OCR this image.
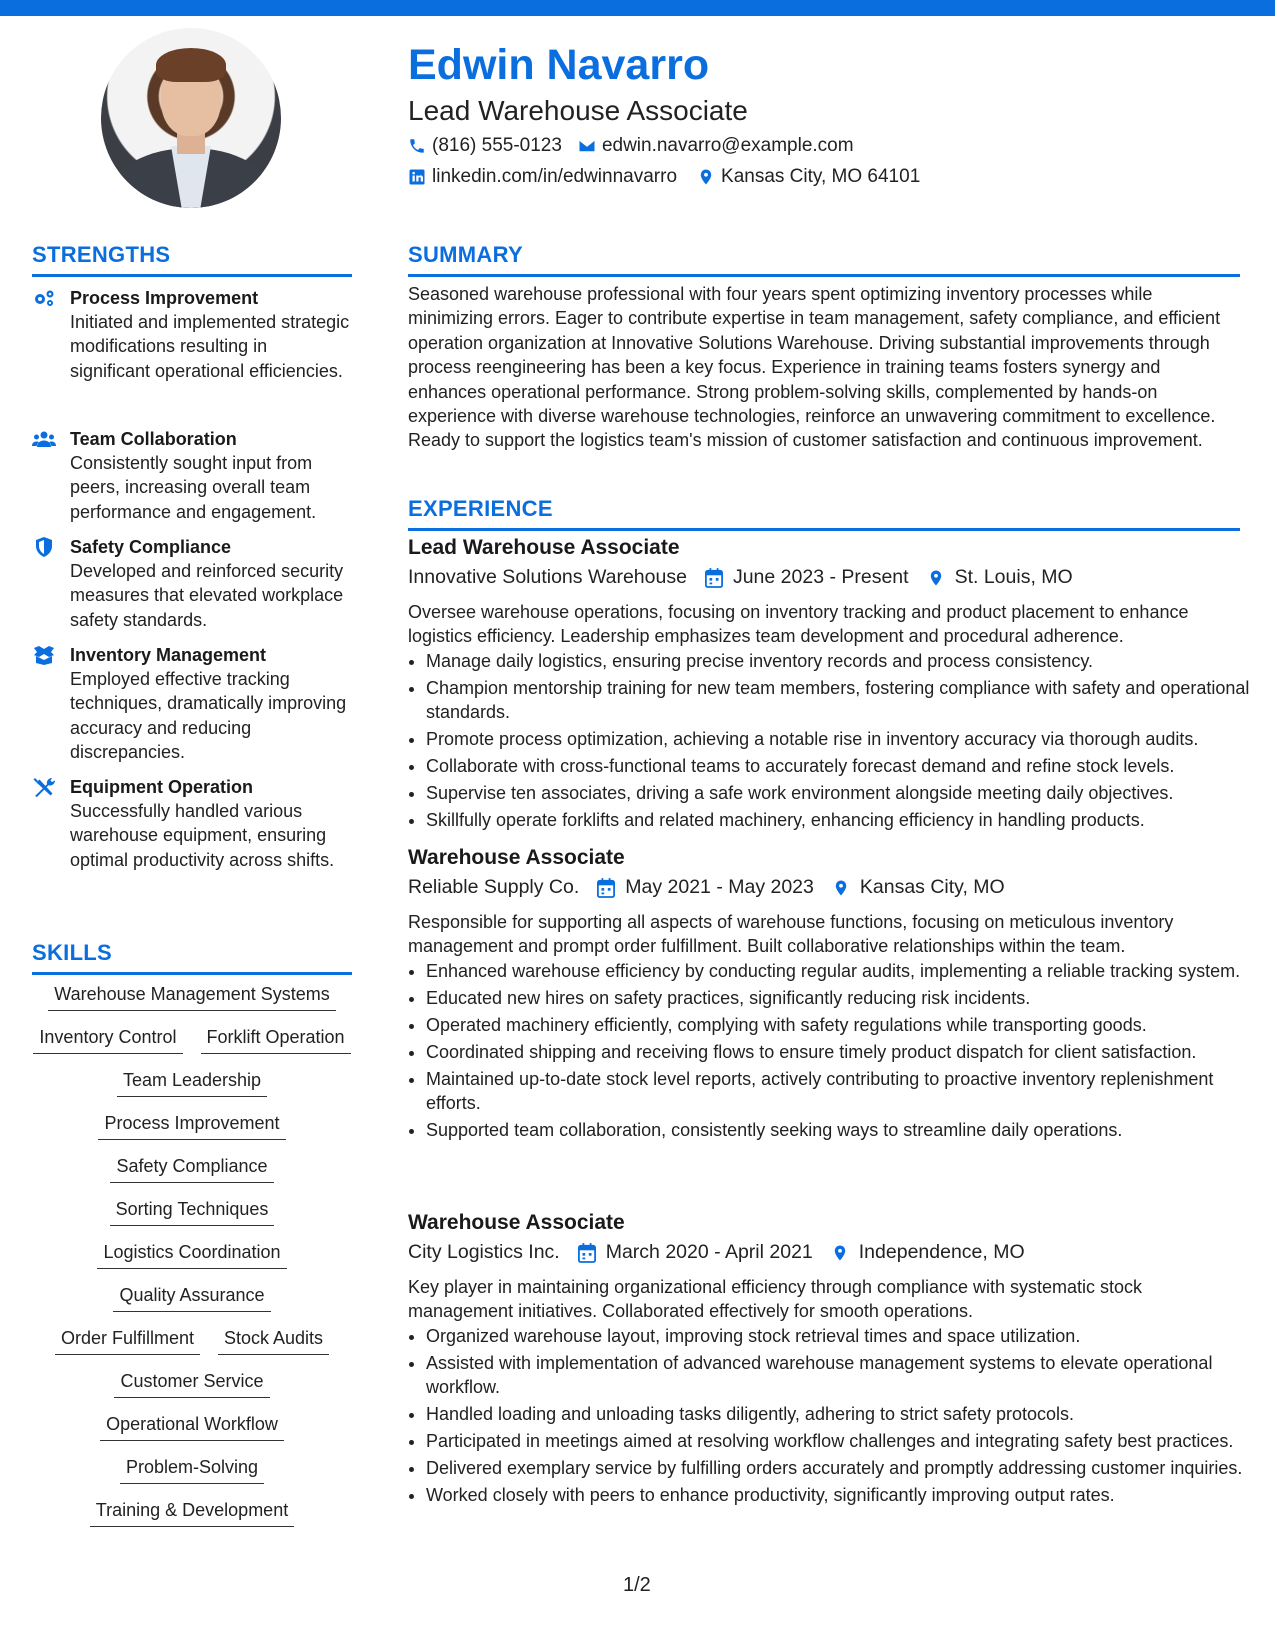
Edwin Navarro
Lead Warehouse Associate
(816) 555-0123 edwin.navarro@example.com
linkedin.com/in/edwinnavarro Kansas City, MO 64101
STRENGTHS
Process Improvement
Initiated and implemented strategic modifications resulting in significant operational efficiencies.
Team Collaboration
Consistently sought input from peers, increasing overall team performance and engagement.
Safety Compliance
Developed and reinforced security measures that elevated workplace safety standards.
Inventory Management
Employed effective tracking techniques, dramatically improving accuracy and reducing discrepancies.
Equipment Operation
Successfully handled various warehouse equipment, ensuring optimal productivity across shifts.
SKILLS
Warehouse Management Systems
Inventory Control	Forklift Operation
Team Leadership
Process Improvement
Safety Compliance
Sorting Techniques
Logistics Coordination
Quality Assurance
Order Fulfillment	Stock Audits
Customer Service
Operational Workflow
Problem-Solving
Training & Development
SUMMARY
Seasoned warehouse professional with four years spent optimizing inventory processes while minimizing errors. Eager to contribute expertise in team management, safety compliance, and efficient operation organization at Innovative Solutions Warehouse. Driving substantial improvements through process reengineering has been a key focus. Experience in training teams fosters synergy and enhances operational performance. Strong problem-solving skills, complemented by hands-on experience with diverse warehouse technologies, reinforce an unwavering commitment to excellence. Ready to support the logistics team's mission of customer satisfaction and continuous improvement.
EXPERIENCE
Lead Warehouse Associate
Innovative Solutions Warehouse June 2023 - Present St. Louis, MO
Oversee warehouse operations, focusing on inventory tracking and product placement to enhance logistics efficiency. Leadership emphasizes team development and procedural adherence.
• Manage daily logistics, ensuring precise inventory records and process consistency.
• Champion mentorship training for new team members, fostering compliance with safety and operational standards.
• Promote process optimization, achieving a notable rise in inventory accuracy via thorough audits.
• Collaborate with cross-functional teams to accurately forecast demand and refine stock levels.
• Supervise ten associates, driving a safe work environment alongside meeting daily objectives.
• Skillfully operate forklifts and related machinery, enhancing efficiency in handling products.
Warehouse Associate
Reliable Supply Co. May 2021 - May 2023 Kansas City, MO
Responsible for supporting all aspects of warehouse functions, focusing on meticulous inventory management and prompt order fulfillment. Built collaborative relationships within the team.
• Enhanced warehouse efficiency by conducting regular audits, implementing a reliable tracking system.
• Educated new hires on safety practices, significantly reducing risk incidents.
• Operated machinery efficiently, complying with safety regulations while transporting goods.
• Coordinated shipping and receiving flows to ensure timely product dispatch for client satisfaction.
• Maintained up-to-date stock level reports, actively contributing to proactive inventory replenishment efforts.
• Supported team collaboration, consistently seeking ways to streamline daily operations.
Warehouse Associate
City Logistics Inc. March 2020 - April 2021 Independence, MO
Key player in maintaining organizational efficiency through compliance with systematic stock management initiatives. Collaborated effectively for smooth operations.
• Organized warehouse layout, improving stock retrieval times and space utilization.
• Assisted with implementation of advanced warehouse management systems to elevate operational workflow.
• Handled loading and unloading tasks diligently, adhering to strict safety protocols.
• Participated in meetings aimed at resolving workflow challenges and integrating safety best practices.
• Delivered exemplary service by fulfilling orders accurately and promptly addressing customer inquiries.
• Worked closely with peers to enhance productivity, significantly improving output rates.
1/2
